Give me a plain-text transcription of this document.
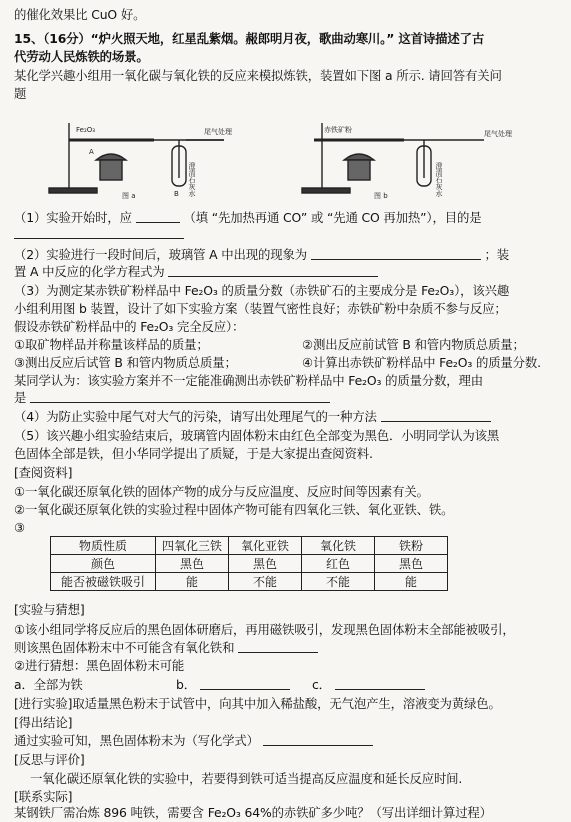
的催化效果比 CuO 好。
15、（16分）“炉火照天地，红星乱紫烟。赧郎明月夜，歌曲动寒川。” 这首诗描述了古
代劳动人民炼铁的场景。
某化学兴趣小组用一氧化碳与氧化铁的反应来模拟炼铁，装置如下图 a 所示. 请回答有关问
题
Fe₂O₃	赤铁矿粉
尾气处理	尾气处理
澄清石灰水	澄清石灰水
A
B
图 a	图 b
（1）实验开始时，应	（填 “先加热再通 CO” 或 “先通 CO 再加热”），目的是
（2）实验进行一段时间后，玻璃管 A 中出现的现象为	；装
置 A 中反应的化学方程式为
（3）为测定某赤铁矿粉样品中 Fe₂O₃ 的质量分数（赤铁矿石的主要成分是 Fe₂O₃），该兴趣
小组利用图 b 装置，设计了如下实验方案（装置气密性良好；赤铁矿粉中杂质不参与反应；
假设赤铁矿粉样品中的 Fe₂O₃ 完全反应）：
①取矿物样品并称量该样品的质量；	②测出反应前试管 B 和管内物质总质量；
③测出反应后试管 B 和管内物质总质量；	④计算出赤铁矿粉样品中 Fe₂O₃ 的质量分数.
某同学认为：该实验方案并不一定能准确测出赤铁矿粉样品中 Fe₂O₃ 的质量分数，理由
是
（4）为防止实验中尾气对大气的污染，请写出处理尾气的一种方法
（5）该兴趣小组实验结束后，玻璃管内固体粉末由红色全部变为黑色．小明同学认为该黑
色固体全部是铁，但小华同学提出了质疑，于是大家提出查阅资料.
[查阅资料]
①一氧化碳还原氧化铁的固体产物的成分与反应温度、反应时间等因素有关。
②一氧化碳还原氧化铁的实验过程中固体产物可能有四氧化三铁、氧化亚铁、铁。
③
物质性质	四氧化三铁	氧化亚铁	氧化铁	铁粉
颜色	黑色	黑色	红色	黑色
能否被磁铁吸引	能	不能	不能	能
[实验与猜想]
①该小组同学将反应后的黑色固体研磨后，再用磁铁吸引，发现黑色固体粉末全部能被吸引，
则该黑色固体粉末中不可能含有氧化铁和
②进行猜想：黑色固体粉末可能
a．全部为铁	b．	c．
[进行实验]取适量黑色粉末于试管中，向其中加入稀盐酸，无气泡产生，溶液变为黄绿色。
[得出结论]
通过实验可知，黑色固体粉末为（写化学式）
[反思与评价]
一氧化碳还原氧化铁的实验中，若要得到铁可适当提高反应温度和延长反应时间.
[联系实际]
某钢铁厂需冶炼 896 吨铁，需要含 Fe₂O₃ 64%的赤铁矿多少吨？（写出详细计算过程）
